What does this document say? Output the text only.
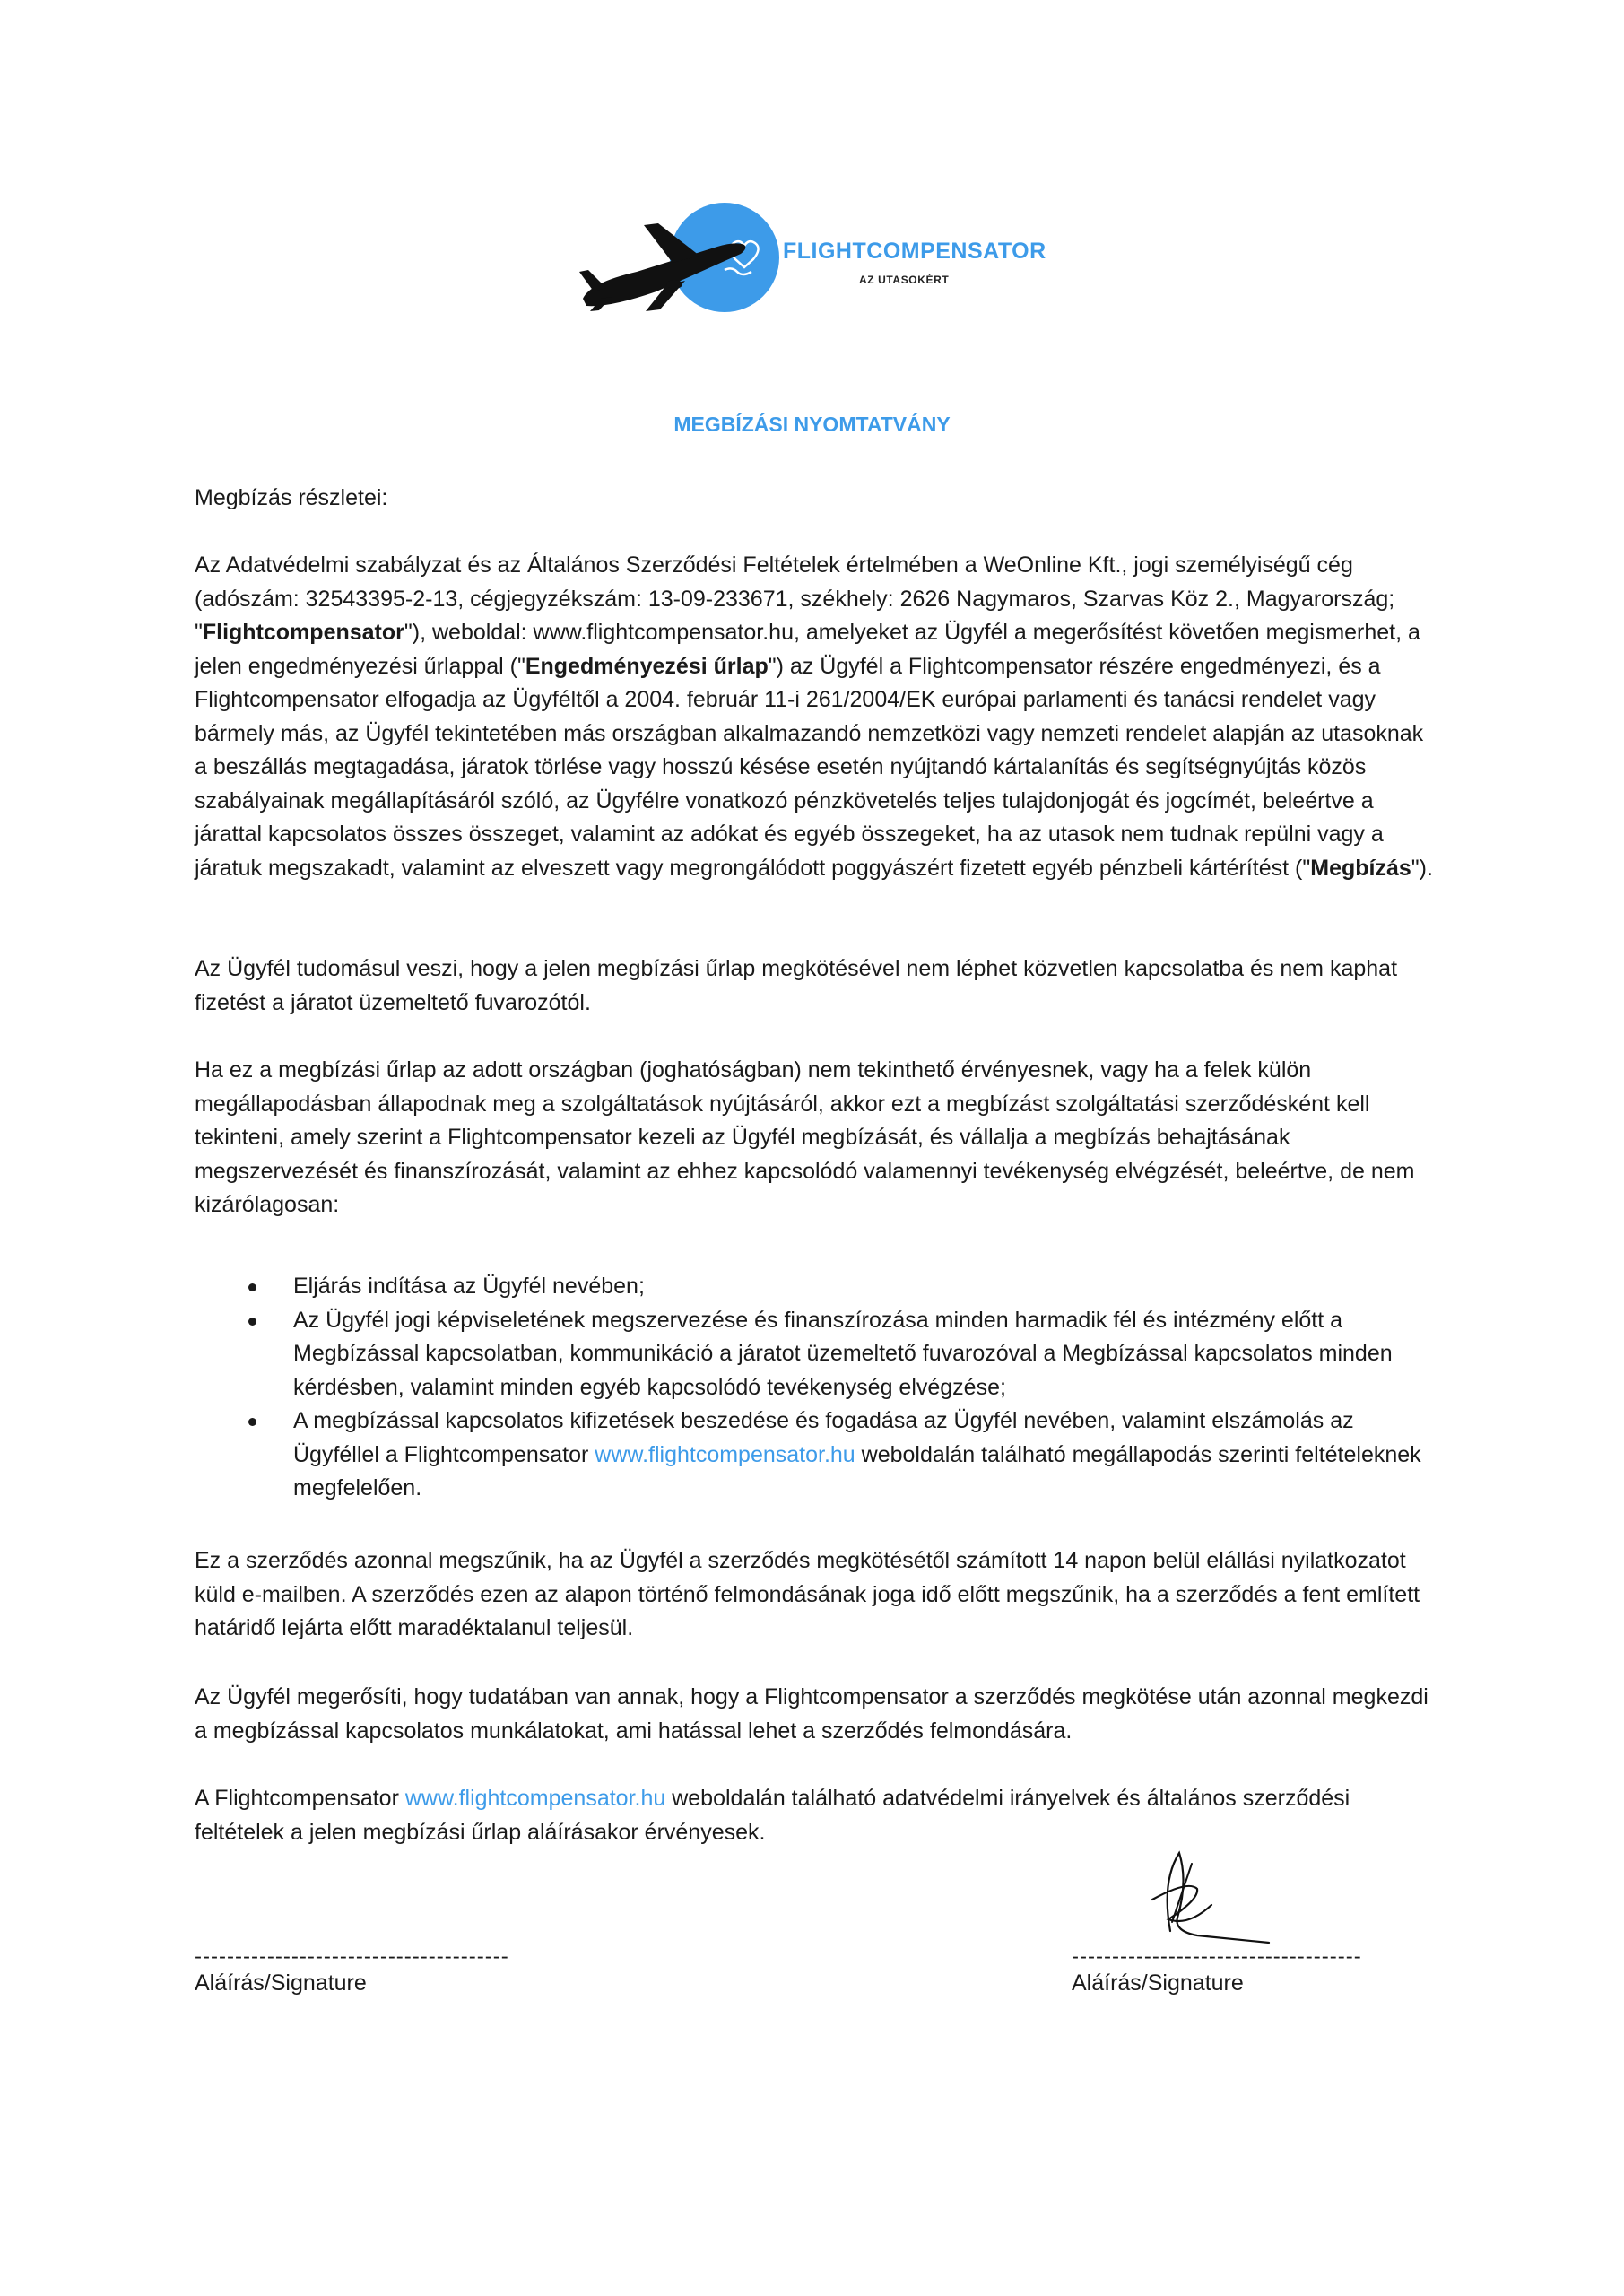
FLIGHTCOMPENSATOR
AZ UTASOKÉRT
MEGBÍZÁSI NYOMTATVÁNY
Megbízás részletei:

Az Adatvédelmi szabályzat és az Általános Szerződési Feltételek értelmében a WeOnline Kft., jogi személyiségű cég (adószám: 32543395-2-13, cégjegyzékszám: 13-09-233671, székhely: 2626 Nagymaros, Szarvas Köz 2., Magyarország; "Flightcompensator"), weboldal: www.flightcompensator.hu, amelyeket az Ügyfél a megerősítést követően megismerhet, a jelen engedményezési űrlappal ("Engedményezési űrlap") az Ügyfél a Flightcompensator részére engedményezi, és a Flightcompensator elfogadja az Ügyféltől a 2004. február 11-i 261/2004/EK európai parlamenti és tanácsi rendelet vagy bármely más, az Ügyfél tekintetében más országban alkalmazandó nemzetközi vagy nemzeti rendelet alapján az utasoknak a beszállás megtagadása, járatok törlése vagy hosszú késése esetén nyújtandó kártalanítás és segítségnyújtás közös szabályainak megállapításáról szóló, az Ügyfélre vonatkozó pénzkövetelés teljes tulajdonjogát és jogcímét, beleértve a járattal kapcsolatos összes összeget, valamint az adókat és egyéb összegeket, ha az utasok nem tudnak repülni vagy a járatuk megszakadt, valamint az elveszett vagy megrongálódott poggyászért fizetett egyéb pénzbeli kártérítést ("Megbízás").

Az Ügyfél tudomásul veszi, hogy a jelen megbízási űrlap megkötésével nem léphet közvetlen kapcsolatba és nem kaphat fizetést a járatot üzemeltető fuvarozótól.
Ha ez a megbízási űrlap az adott országban (joghatóságban) nem tekinthető érvényesnek, vagy ha a felek külön megállapodásban állapodnak meg a szolgáltatások nyújtásáról, akkor ezt a megbízást szolgáltatási szerződésként kell tekinteni, amely szerint a Flightcompensator kezeli az Ügyfél megbízását, és vállalja a megbízás behajtásának megszervezését és finanszírozását, valamint az ehhez kapcsolódó valamennyi tevékenység elvégzését, beleértve, de nem kizárólagosan:
Eljárás indítása az Ügyfél nevében;
Az Ügyfél jogi képviseletének megszervezése és finanszírozása minden harmadik fél és intézmény előtt a Megbízással kapcsolatban, kommunikáció a járatot üzemeltető fuvarozóval a Megbízással kapcsolatos minden kérdésben, valamint minden egyéb kapcsolódó tevékenység elvégzése;
A megbízással kapcsolatos kifizetések beszedése és fogadása az Ügyfél nevében, valamint elszámolás az Ügyféllel a Flightcompensator www.flightcompensator.hu weboldalán található megállapodás szerinti feltételeknek megfelelően.
Ez a szerződés azonnal megszűnik, ha az Ügyfél a szerződés megkötésétől számított 14 napon belül elállási nyilatkozatot küld e-mailben. A szerződés ezen az alapon történő felmondásának joga idő előtt megszűnik, ha a szerződés a fent említett határidő lejárta előtt maradéktalanul teljesül.
Az Ügyfél megerősíti, hogy tudatában van annak, hogy a Flightcompensator a szerződés megkötése után azonnal megkezdi a megbízással kapcsolatos munkálatokat, ami hatással lehet a szerződés felmondására.
A Flightcompensator www.flightcompensator.hu weboldalán található adatvédelmi irányelvek és általános szerződési feltételek a jelen megbízási űrlap aláírásakor érvényesek.
---------------------------------------
Aláírás/Signature
------------------------------------
Aláírás/Signature
